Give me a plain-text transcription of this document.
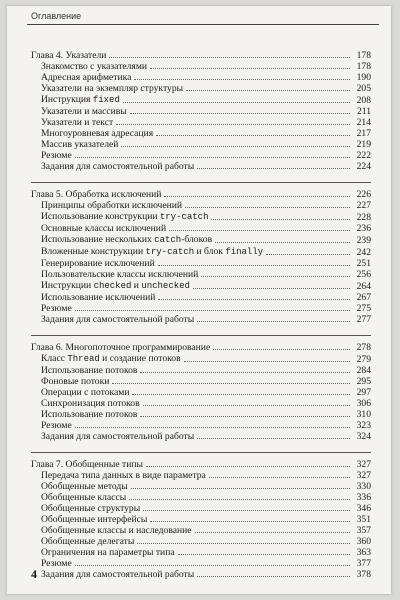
Оглавление
Глава 4. Указатели	178
Знакомство с указателями	178
Адресная арифметика	190
Указатели на экземпляр структуры	205
Инструкция fixed	208
Указатели и массивы	211
Указатели и текст	214
Многоуровневая адресация	217
Массив указателей	219
Резюме	222
Задания для самостоятельной работы	224
Глава 5. Обработка исключений	226
Принципы обработки исключений	227
Использование конструкции try-catch	228
Основные классы исключений	236
Использование нескольких catch-блоков	239
Вложенные конструкции try-catch и блок finally	242
Генерирование исключений	251
Пользовательские классы исключений	256
Инструкции checked и unchecked	264
Использование исключений	267
Резюме	275
Задания для самостоятельной работы	277
Глава 6. Многопоточное программирование	278
Класс Thread и создание потоков	279
Использование потоков	284
Фоновые потоки	295
Операции с потоками	297
Синхронизация потоков	306
Использование потоков	310
Резюме	323
Задания для самостоятельной работы	324
Глава 7. Обобщенные типы	327
Передача типа данных в виде параметра	327
Обобщенные методы	330
Обобщенные классы	336
Обобщенные структуры	346
Обобщенные интерфейсы	351
Обобщенные классы и наследование	357
Обобщенные делегаты	360
Ограничения на параметры типа	363
Резюме	377
Задания для самостоятельной работы	378
4
